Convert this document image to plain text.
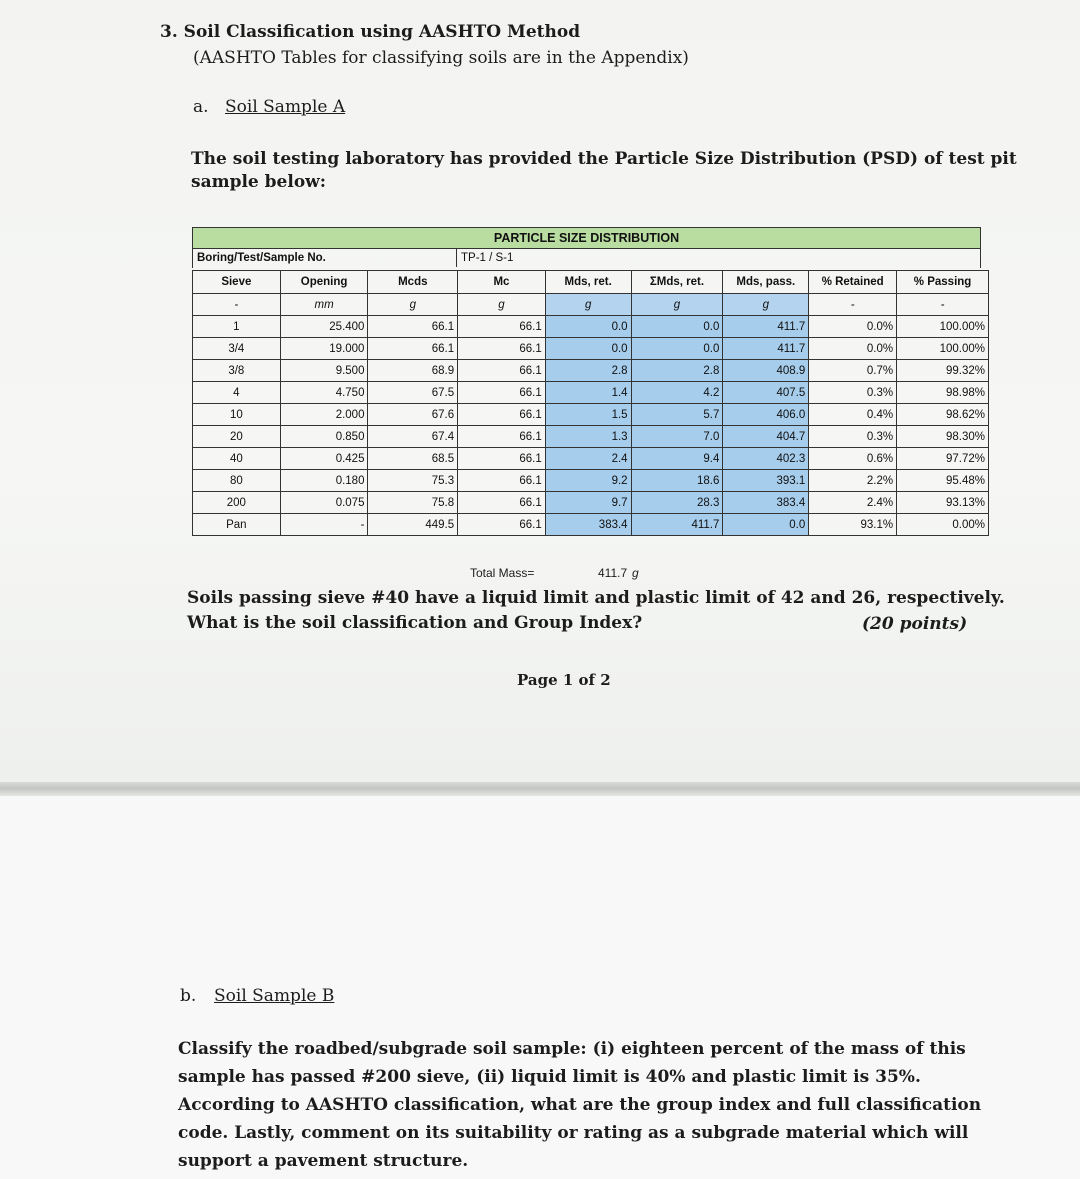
3. Soil Classification using AASHTO Method
(AASHTO Tables for classifying soils are in the Appendix)
a. Soil Sample A
The soil testing laboratory has provided the Particle Size Distribution (PSD) of test pit
sample below:
PARTICLE SIZE DISTRIBUTION
Boring/Test/Sample No.	TP-1 / S-1
Sieve	Opening	Mcds	Mc	Mds, ret.	ΣMds, ret.	Mds, pass.	% Retained	% Passing
-	mm	g	g	g	g	g	-	-
1	25.400	66.1	66.1	0.0	0.0	411.7	0.0%	100.00%
3/4	19.000	66.1	66.1	0.0	0.0	411.7	0.0%	100.00%
3/8	9.500	68.9	66.1	2.8	2.8	408.9	0.7%	99.32%
4	4.750	67.5	66.1	1.4	4.2	407.5	0.3%	98.98%
10	2.000	67.6	66.1	1.5	5.7	406.0	0.4%	98.62%
20	0.850	67.4	66.1	1.3	7.0	404.7	0.3%	98.30%
40	0.425	68.5	66.1	2.4	9.4	402.3	0.6%	97.72%
80	0.180	75.3	66.1	9.2	18.6	393.1	2.2%	95.48%
200	0.075	75.8	66.1	9.7	28.3	383.4	2.4%	93.13%
Pan	-	449.5	66.1	383.4	411.7	0.0	93.1%	0.00%
Total Mass=	411.7 g
Soils passing sieve #40 have a liquid limit and plastic limit of 42 and 26, respectively.
What is the soil classification and Group Index?	(20 points)
Page 1 of 2
b. Soil Sample B
Classify the roadbed/subgrade soil sample: (i) eighteen percent of the mass of this
sample has passed #200 sieve, (ii) liquid limit is 40% and plastic limit is 35%.
According to AASHTO classification, what are the group index and full classification
code. Lastly, comment on its suitability or rating as a subgrade material which will
support a pavement structure.
